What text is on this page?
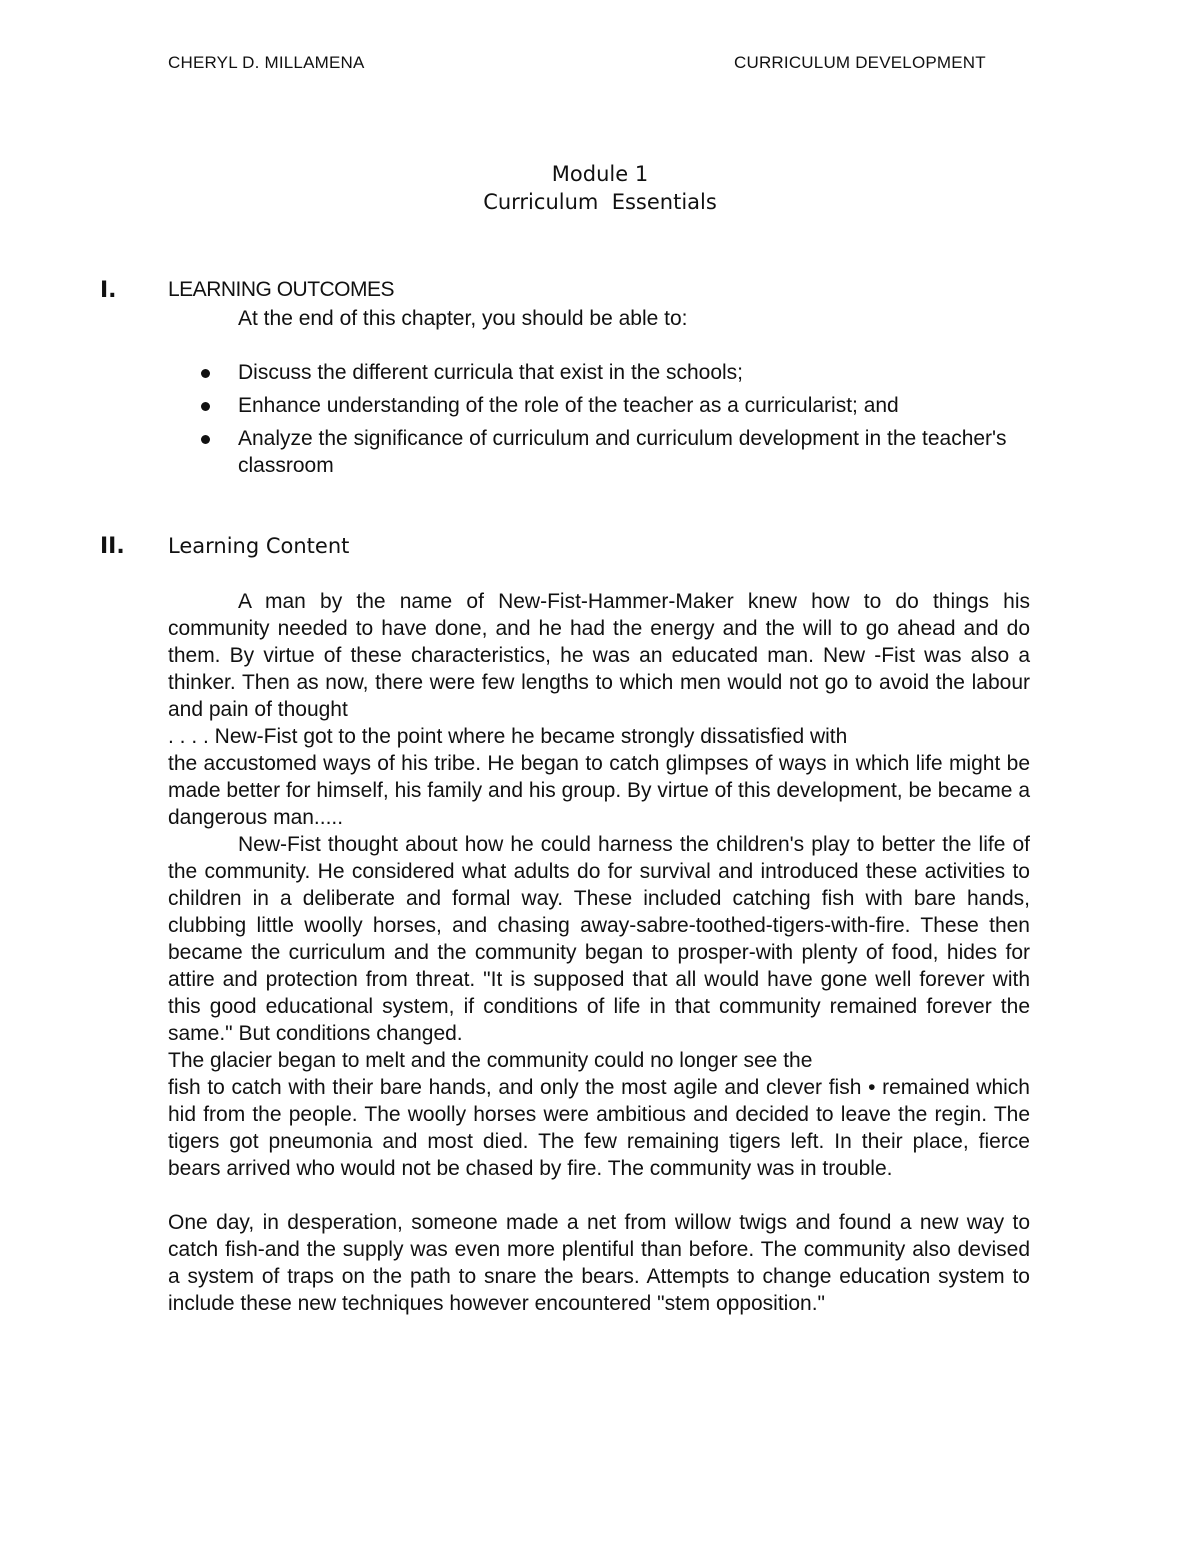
CHERYL D. MILLAMENA	CURRICULUM DEVELOPMENT
Module 1
Curriculum  Essentials
I. LEARNING OUTCOMES
At the end of this chapter, you should be able to:
Discuss the different curricula that exist in the schools;
Enhance understanding of the role of the teacher as a curricularist; and
Analyze the significance of curriculum and curriculum development in the teacher's classroom
II. Learning Content

A man by the name of New-Fist-Hammer-Maker knew how to do things his community needed to have done, and he had the energy and the will to go ahead and do them. By virtue of these characteristics, he was an educated man. New -Fist was also a thinker. Then as now, there were few lengths to which men would not go to avoid the labour and pain of thought

. . . . New-Fist got to the point where he became strongly dissatisfied with

the accustomed ways of his tribe. He began to catch glimpses of ways in which life might be made better for himself, his family and his group. By virtue of this development, be became a dangerous man.....

New-Fist thought about how he could harness the children's play to better the life of the community. He considered what adults do for survival and introduced these activities to children in a deliberate and formal way. These included catching fish with bare hands, clubbing little woolly horses, and chasing away-sabre-toothed-tigers-with-fire. These then became the curriculum and the community began to prosper-with plenty of food, hides for attire and protection from threat. "It is supposed that all would have gone well forever with this good educational system, if conditions of life in that community remained forever the same." But conditions changed.

The glacier began to melt and the community could no longer see the

fish to catch with their bare hands, and only the most agile and clever fish • remained which hid from the people. The woolly horses were ambitious and decided to leave the regin. The tigers got pneumonia and most died. The few remaining tigers left. In their place, fierce bears arrived who would not be chased by fire. The community was in trouble.

One day, in desperation, someone made a net from willow twigs and found a new way to catch fish-and the supply was even more plentiful than before. The community also devised a system of traps on the path to snare the bears. Attempts to change education system to include these new techniques however encountered "stem opposition."
